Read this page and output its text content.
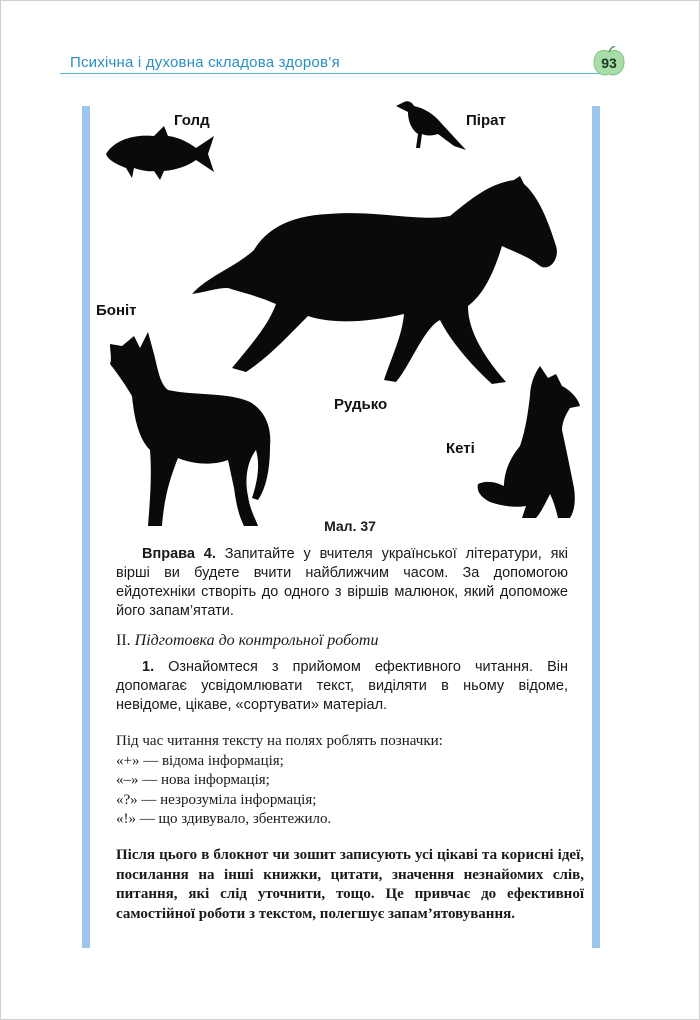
Психічна і духовна складова здоров’я	93
Голд	Пірат
Боніт
Рудько
Кеті
Мал. 37
Вправа 4. Запитайте у вчителя української літератури, які вірші ви будете вчити найближчим часом. За допомогою ейдотехніки створіть до одного з віршів малюнок, який допоможе його запам’ятати.
II. Підготовка до контрольної роботи
1. Ознайомтеся з прийомом ефективного читання. Він допомагає усвідомлювати текст, виділяти в ньому відоме, невідоме, цікаве, «сортувати» матеріал.
Під час читання тексту на полях роблять позначки:
«+» — відома інформація;
«–» — нова інформація;
«?» — незрозуміла інформація;
«!» — що здивувало, збентежило.
Після цього в блокнот чи зошит записують усі цікаві та корисні ідеї, посилання на інші книжки, цитати, значення незнайомих слів, питання, які слід уточнити, тощо. Це привчає до ефективної самостійної роботи з текстом, полегшує запам’ятовування.
